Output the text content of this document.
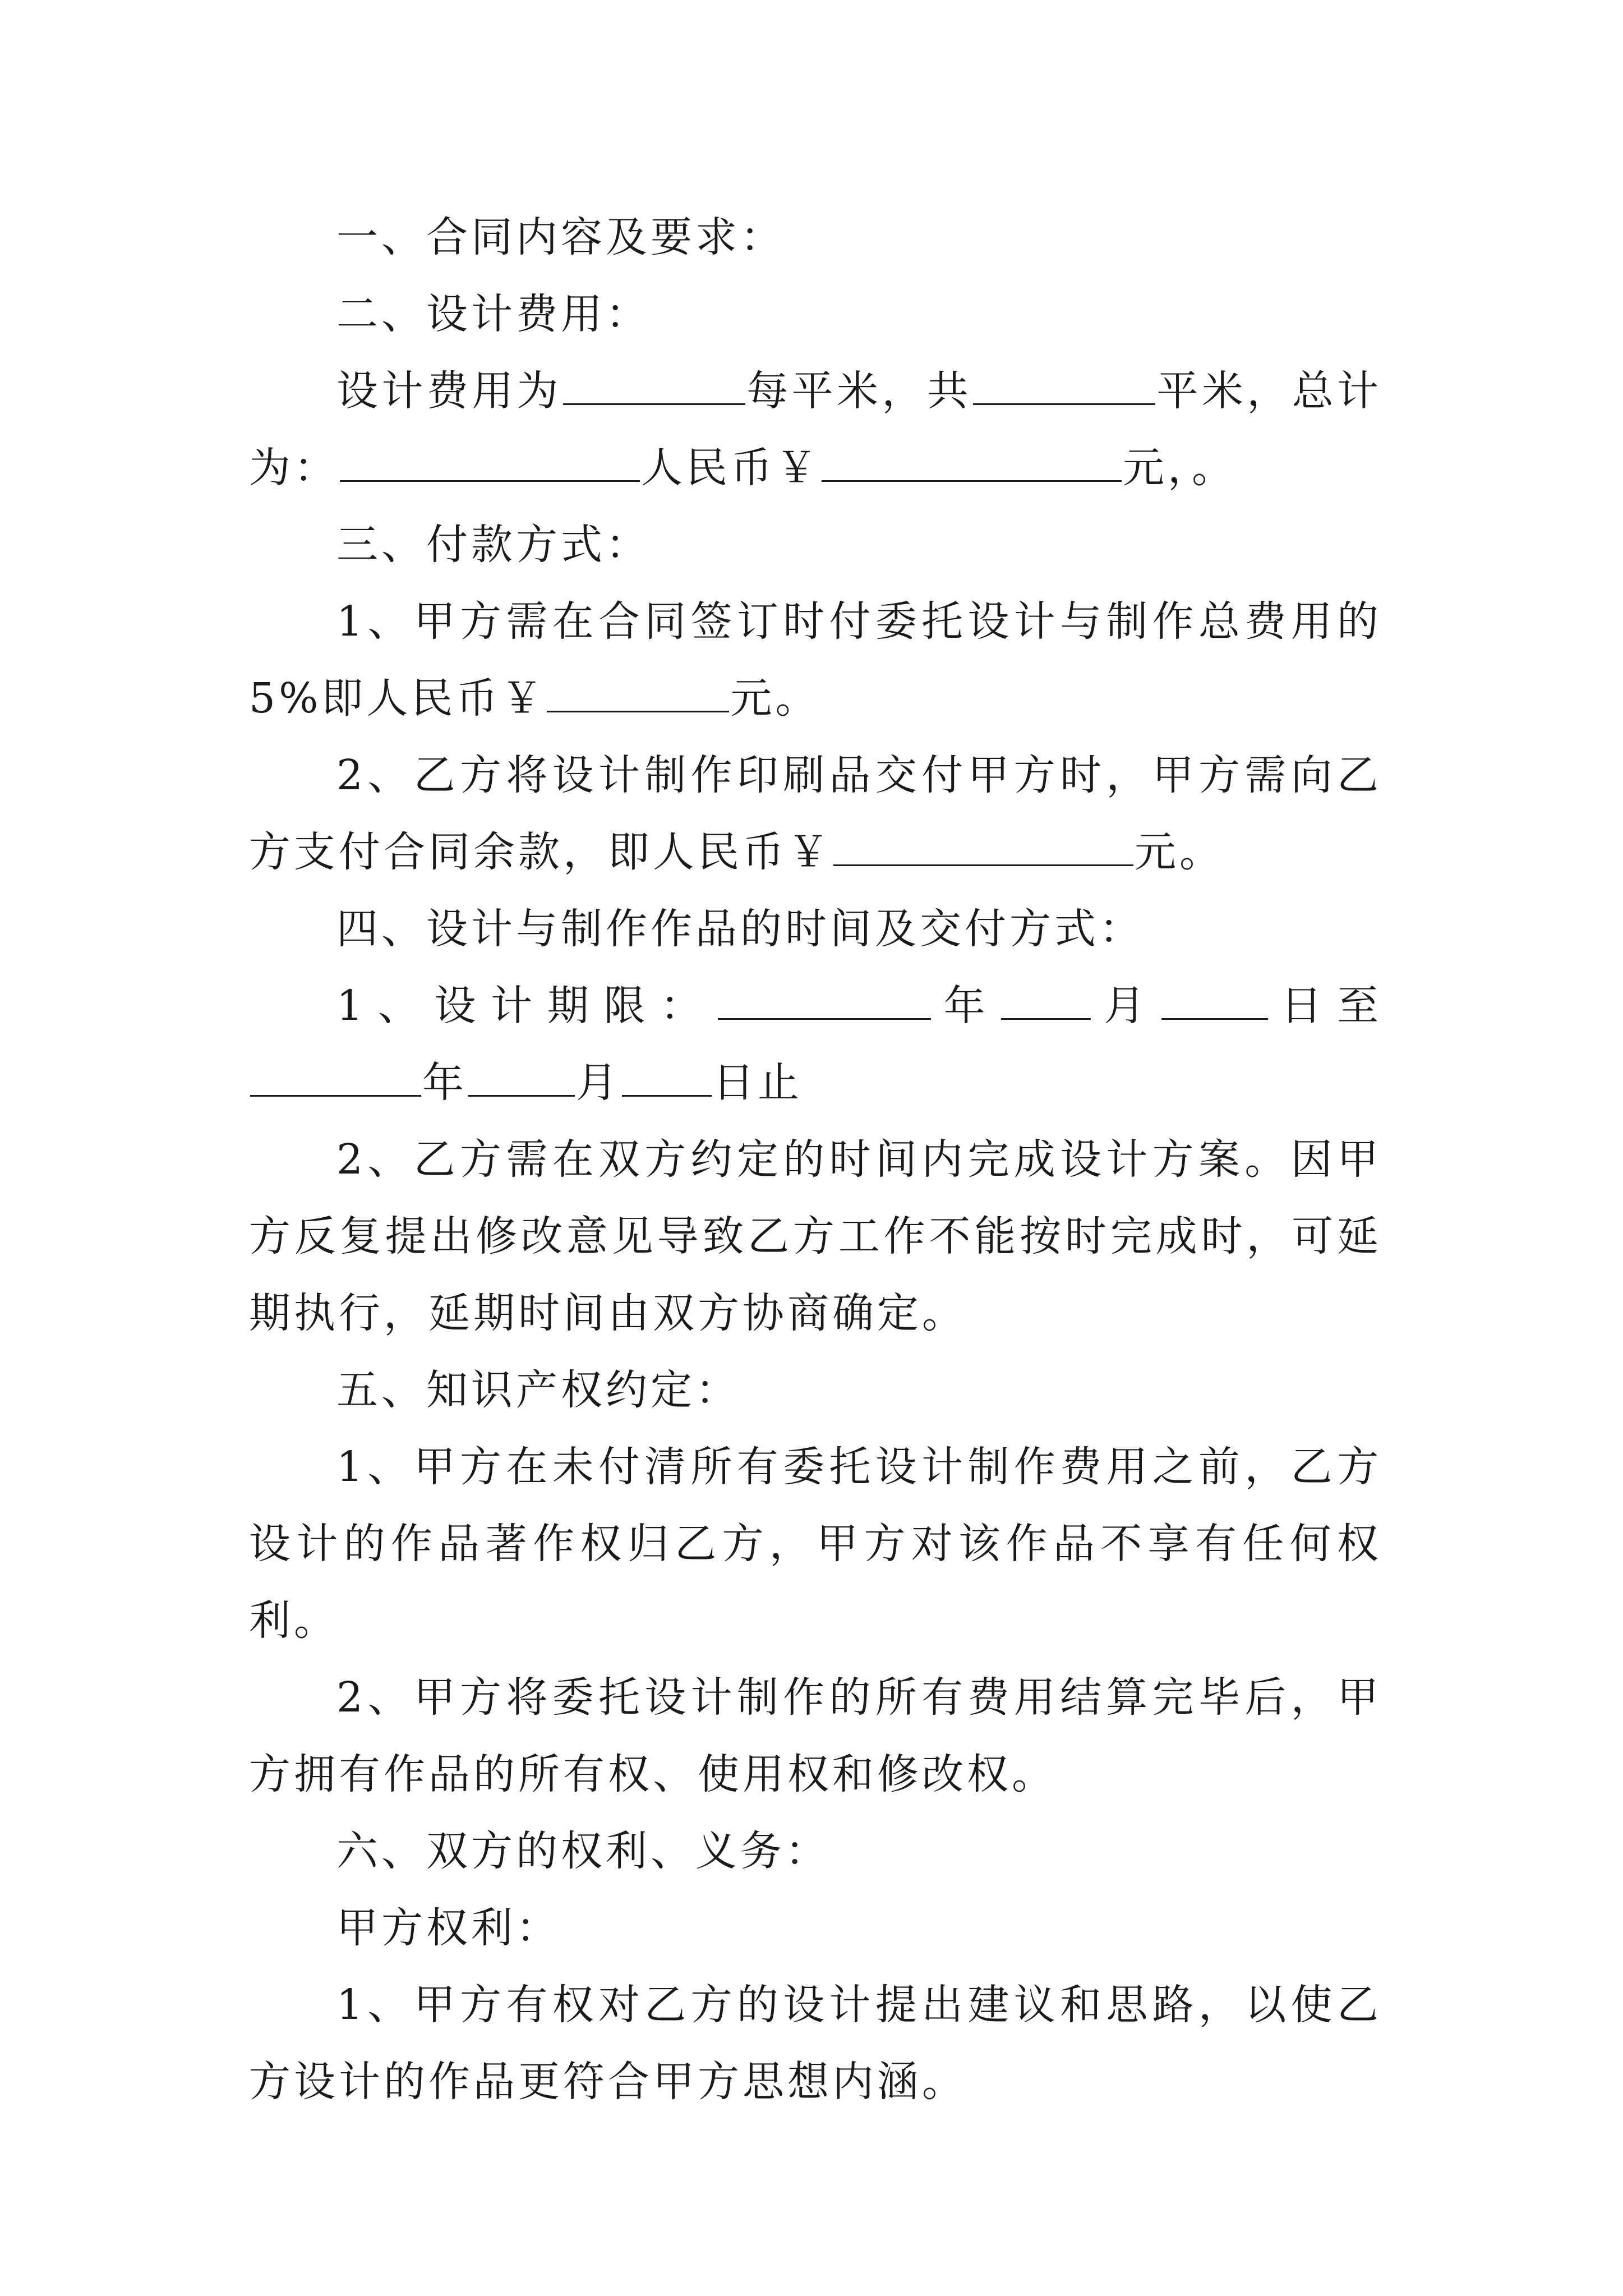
一、合同内容及要求：

二、设计费用：

设计费用为	每平米，共	平米，总计为：	人民币￥	元，。

三、付款方式：

1、甲方需在合同签订时付委托设计与制作总费用的5%即人民币￥	元。

2、乙方将设计制作印刷品交付甲方时，甲方需向乙方支付合同余款，即人民币￥	元。

四、设计与制作作品的时间及交付方式：

1、设计期限：	年 月	日至年	月 日止

2、乙方需在双方约定的时间内完成设计方案。因甲方反复提出修改意见导致乙方工作不能按时完成时，可延期执行，延期时间由双方协商确定。

五、知识产权约定：

1、甲方在未付清所有委托设计制作费用之前，乙方设计的作品著作权归乙方，甲方对该作品不享有任何权利。

2、甲方将委托设计制作的所有费用结算完毕后，甲方拥有作品的所有权、使用权和修改权。

六、双方的权利、义务：

甲方权利：

1、甲方有权对乙方的设计提出建议和思路，以使乙方设计的作品更符合甲方思想内涵。
